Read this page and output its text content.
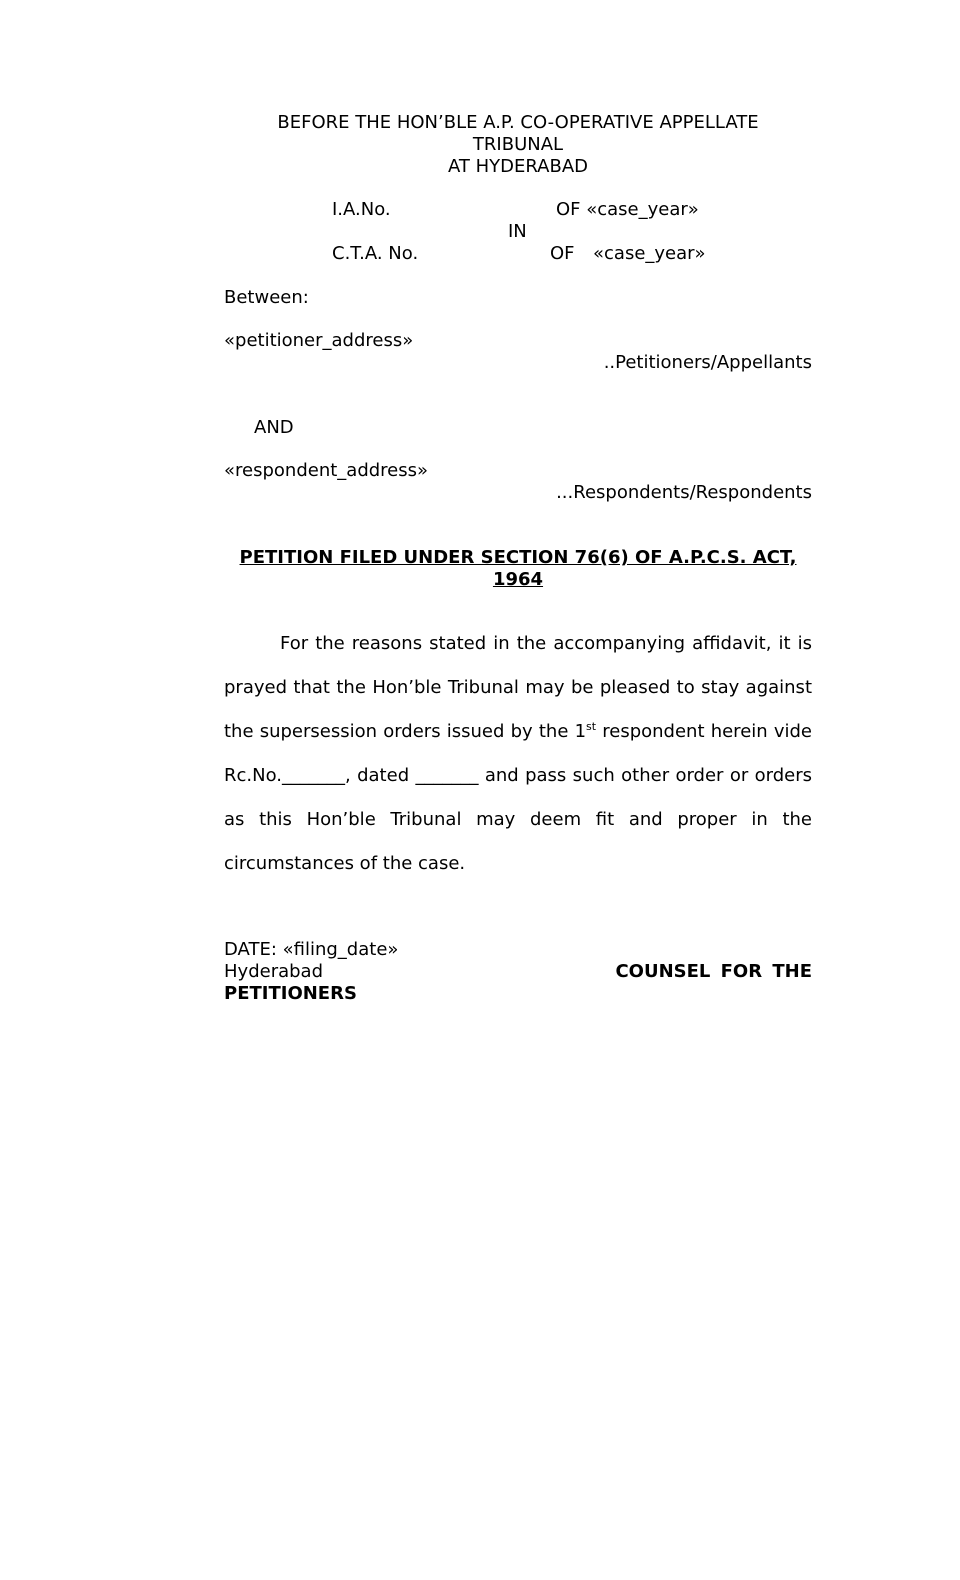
BEFORE THE HON’BLE A.P. CO-OPERATIVE APPELLATE
TRIBUNAL
AT HYDERABAD
I.A.No.	OF «case_year»
IN
C.T.A. No.	OF «case_year»
Between:
«petitioner_address»
..Petitioners/Appellants
AND
«respondent_address»
...Respondents/Respondents
PETITION FILED UNDER SECTION 76(6) OF A.P.C.S. ACT,
1964
For the reasons stated in the accompanying affidavit, it is prayed that the Hon’ble Tribunal may be pleased to stay against the supersession orders issued by the 1st respondent herein vide Rc.No._______, dated _______ and pass such other order or orders as this Hon’ble Tribunal may deem fit and proper in the circumstances of the case.
DATE: «filing_date»
Hyderabad	COUNSEL FOR THE
PETITIONERS
